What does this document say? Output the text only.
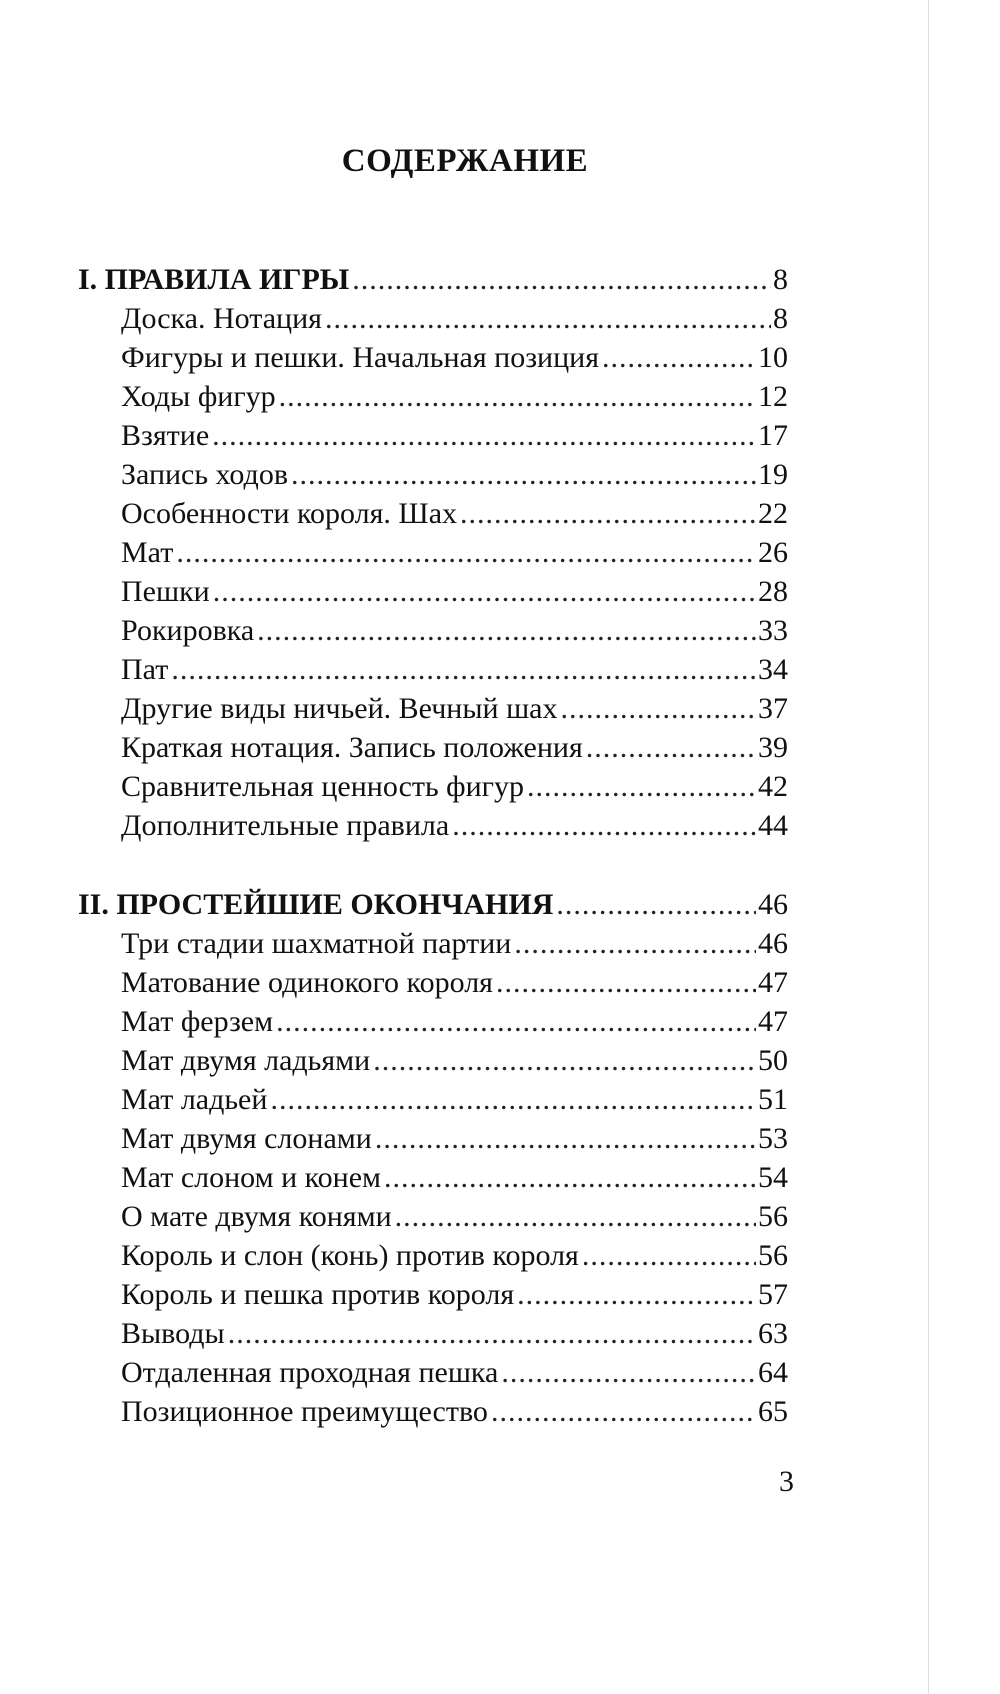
СОДЕРЖАНИЕ
I. ПРАВИЛА ИГРЫ .....	8
Доска. Нотация .....	8
Фигуры и пешки. Начальная позиция .....	10
Ходы фигур .....	12
Взятие .....	17
Запись ходов .....	19
Особенности короля. Шах .....	22
Мат .....	26
Пешки .....	28
Рокировка .....	33
Пат .....	34
Другие виды ничьей. Вечный шах .....	37
Краткая нотация. Запись положения .....	39
Сравнительная ценность фигур .....	42
Дополнительные правила .....	44
II. ПРОСТЕЙШИЕ ОКОНЧАНИЯ .....	46
Три стадии шахматной партии .....	46
Матование одинокого короля .....	47
Мат ферзем .....	47
Мат двумя ладьями .....	50
Мат ладьей .....	51
Мат двумя слонами .....	53
Мат слоном и конем .....	54
О мате двумя конями .....	56
Король и слон (конь) против короля .....	56
Король и пешка против короля .....	57
Выводы .....	63
Отдаленная проходная пешка .....	64
Позиционное преимущество .....	65

3
